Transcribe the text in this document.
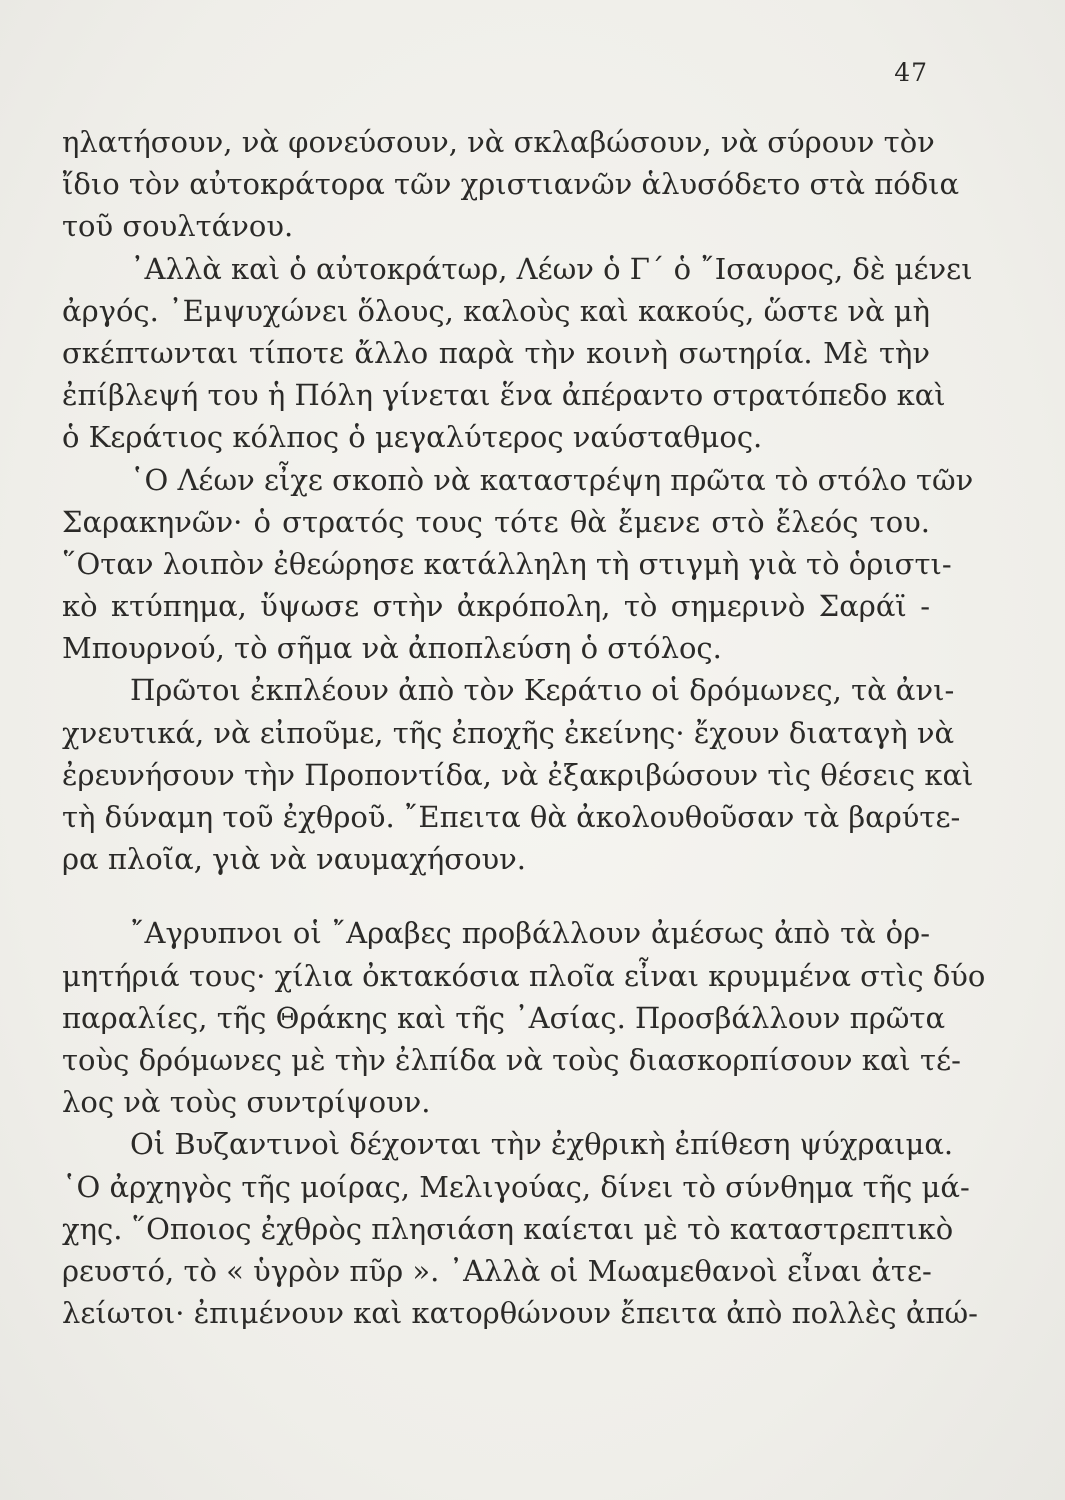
47
ηλατήσουν, νὰ φονεύσουν, νὰ σκλαβώσουν, νὰ σύρουν τὸν
ἴδιο τὸν αὐτοκράτορα τῶν χριστιανῶν ἁλυσόδετο στὰ πόδια
τοῦ σουλτάνου.
᾿Αλλὰ καὶ ὁ αὐτοκράτωρ, Λέων ὁ Γ΄ ὁ ῎Ισαυρος, δὲ μένει
ἀργός. ᾿Εμψυχώνει ὅλους, καλοὺς καὶ κακούς, ὥστε νὰ μὴ
σκέπτωνται τίποτε ἄλλο παρὰ τὴν κοινὴ σωτηρία. Μὲ τὴν
ἐπίβλεψή του ἡ Πόλη γίνεται ἕνα ἀπέραντο στρατόπεδο καὶ
ὁ Κεράτιος κόλπος ὁ μεγαλύτερος ναύσταθμος.
῾Ο Λέων εἶχε σκοπὸ νὰ καταστρέψη πρῶτα τὸ στόλο τῶν
Σαρακηνῶν· ὁ στρατός τους τότε θὰ ἔμενε στὸ ἔλεός του.
῞Οταν λοιπὸν ἐθεώρησε κατάλληλη τὴ στιγμὴ γιὰ τὸ ὁριστι-
κὸ κτύπημα, ὕψωσε στὴν ἀκρόπολη, τὸ σημερινὸ Σαράϊ -
Μπουρνού, τὸ σῆμα νὰ ἀποπλεύση ὁ στόλος.
Πρῶτοι ἐκπλέουν ἀπὸ τὸν Κεράτιο οἱ δρόμωνες, τὰ ἀνι-
χνευτικά, νὰ εἰποῦμε, τῆς ἐποχῆς ἐκείνης· ἔχουν διαταγὴ νὰ
ἐρευνήσουν τὴν Προποντίδα, νὰ ἐξακριβώσουν τὶς θέσεις καὶ
τὴ δύναμη τοῦ ἐχθροῦ. ῎Επειτα θὰ ἀκολουθοῦσαν τὰ βαρύτε-
ρα πλοῖα, γιὰ νὰ ναυμαχήσουν.
῎Αγρυπνοι οἱ ῎Αραβες προβάλλουν ἀμέσως ἀπὸ τὰ ὁρ-
μητήριά τους· χίλια ὀκτακόσια πλοῖα εἶναι κρυμμένα στὶς δύο
παραλίες, τῆς Θράκης καὶ τῆς ᾿Ασίας. Προσβάλλουν πρῶτα
τοὺς δρόμωνες μὲ τὴν ἐλπίδα νὰ τοὺς διασκορπίσουν καὶ τέ-
λος νὰ τοὺς συντρίψουν.
Οἱ Βυζαντινοὶ δέχονται τὴν ἐχθρικὴ ἐπίθεση ψύχραιμα.
῾Ο ἀρχηγὸς τῆς μοίρας, Μελιγούας, δίνει τὸ σύνθημα τῆς μά-
χης. ῞Οποιος ἐχθρὸς πλησιάση καίεται μὲ τὸ καταστρεπτικὸ
ρευστό, τὸ « ὑγρὸν πῦρ ». ᾿Αλλὰ οἱ Μωαμεθανοὶ εἶναι ἀτε-
λείωτοι· ἐπιμένουν καὶ κατορθώνουν ἔπειτα ἀπὸ πολλὲς ἀπώ-
